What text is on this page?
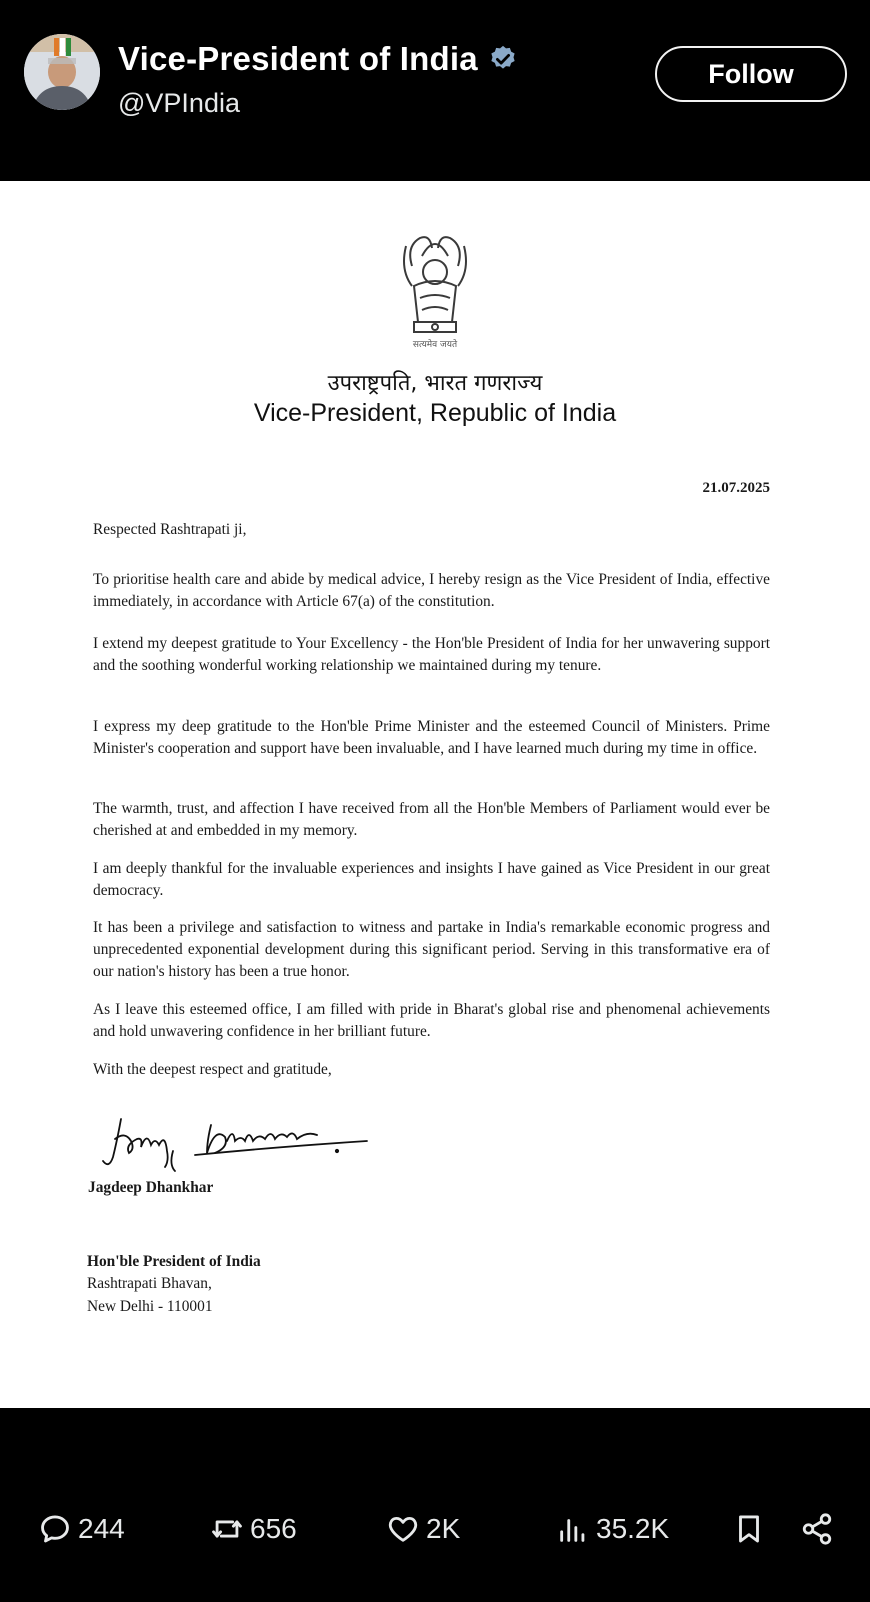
Vice-President of India
@VPIndia
Follow
सत्यमेव जयते
उपराष्ट्रपति, भारत गणराज्य
Vice-President, Republic of India
21.07.2025
Respected Rashtrapati ji,

To prioritise health care and abide by medical advice, I hereby resign as the Vice President of India, effective immediately, in accordance with Article 67(a) of the constitution.

I extend my deepest gratitude to Your Excellency - the Hon'ble President of India for her unwavering support and the soothing wonderful working relationship we maintained during my tenure.

I express my deep gratitude to the Hon'ble Prime Minister and the esteemed Council of Ministers. Prime Minister's cooperation and support have been invaluable, and I have learned much during my time in office.

The warmth, trust, and affection I have received from all the Hon'ble Members of Parliament would ever be cherished at and embedded in my memory.

I am deeply thankful for the invaluable experiences and insights I have gained as Vice President in our great democracy.

It has been a privilege and satisfaction to witness and partake in India's remarkable economic progress and unprecedented exponential development during this significant period. Serving in this transformative era of our nation's history has been a true honor.

As I leave this esteemed office, I am filled with pride in Bharat's global rise and phenomenal achievements and hold unwavering confidence in her brilliant future.

With the deepest respect and gratitude,

Jagdeep Dhankhar
Hon'ble President of India
Rashtrapati Bhavan,
New Delhi - 110001
244	656	2K	35.2K
